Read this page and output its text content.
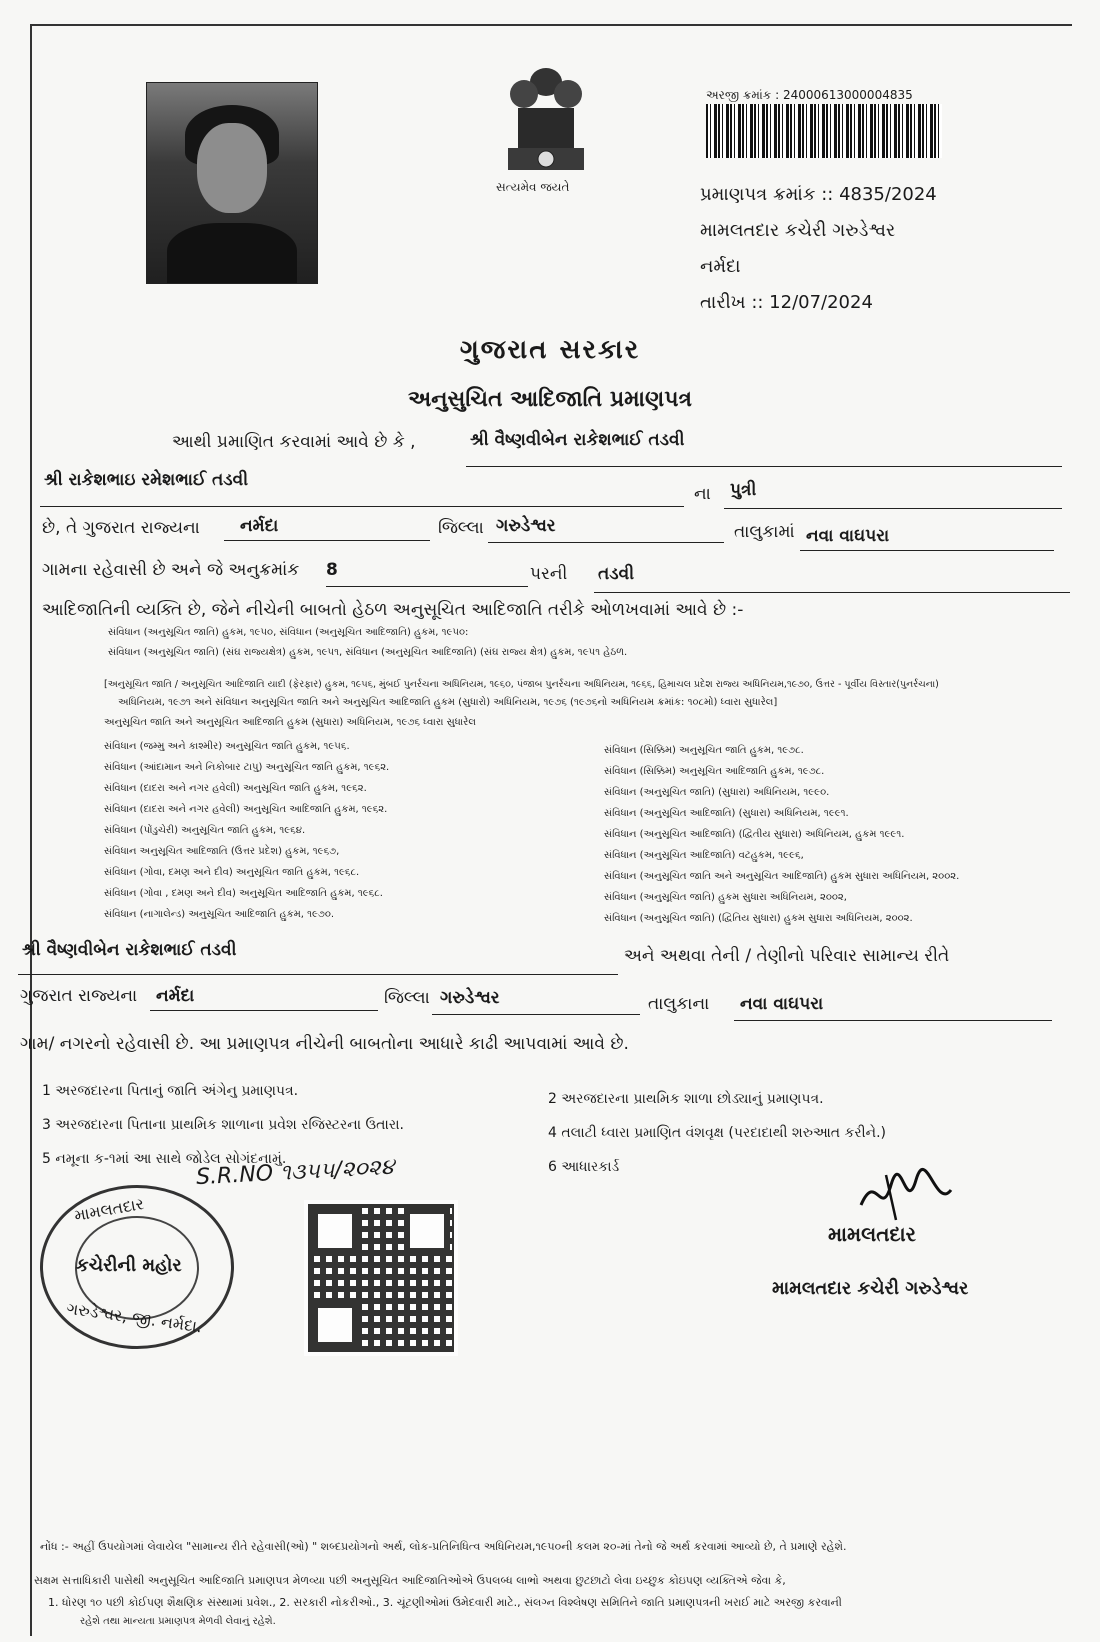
સત્યમેવ જયતે
અરજી ક્રમાંક : 24000613000004835
પ્રમાણપત્ર ક્રમાંક :: 4835/2024
મામલતદાર કચેરી ગરુડેશ્વર
નર્મદા
તારીખ :: 12/07/2024
ગુજરાત સરકાર
અનુસુચિત આદિજાતિ પ્રમાણપત્ર
આથી પ્રમાણિત કરવામાં આવે છે કે ,	શ્રી વૈષ્ણવીબેન રાકેશભાઈ તડવી
શ્રી રાકેશભાઇ રમેશભાઈ તડવી
ના પુત્રી
છે, તે ગુજરાત રાજ્યના નર્મદા	જિલ્લા ગરુડેશ્વર	તાલુકામાં નવા વાઘપરા
ગામના રહેવાસી છે અને જે અનુક્રમાંક 8	પરની તડવી
આદિજાતિની વ્યક્તિ છે, જેને નીચેની બાબતો હેઠળ અનુસૂચિત આદિજાતિ તરીકે ઓળખવામાં આવે છે :-
સંવિધાન (અનુસૂચિત જાતિ) હુકમ, ૧૯૫૦, સંવિધાન (અનુસૂચિત આદિજાતિ) હુકમ, ૧૯૫૦:
સંવિધાન (અનુસૂચિત જાતિ) (સંઘ રાજ્યક્ષેત્ર) હુકમ, ૧૯૫૧, સંવિધાન (અનુસૂચિત આદિજાતિ) (સંઘ રાજ્ય ક્ષેત્ર) હુકમ, ૧૯૫૧ હેઠળ.
[અનુસૂચિત જાતિ / અનુસૂચિત આદિજાતિ યાદી (ફેરફાર) હુકમ, ૧૯૫૬, મુંબઈ પુનર્રચના અધિનિયમ, ૧૯૬૦, પંજાબ પુનર્રચના અધિનિયમ, ૧૯૬૬, હિમાચલ પ્રદેશ રાજ્ય અધિનિયમ,૧૯૭૦, ઉત્તર - પૂર્વીય વિસ્તાર(પુનર્રચના)
અધિનિયમ, ૧૯૭૧ અને સંવિધાન અનુસૂચિત જાતિ અને અનુસૂચિત આદિજાતિ હુકમ (સુધારો) અધિનિયમ, ૧૯૭૬ (૧૯૭૬નો અધિનિયમ ક્રમાંક: ૧૦૮મો) ધ્વારા સુધારેલ]
અનુસૂચિત જાતિ અને અનુસૂચિત આદિજાતિ હુકમ (સુધારા) અધિનિયમ, ૧૯૭૬ ધ્વારા સુધારેલ
સંવિધાન (જમ્મુ અને કાશ્મીર) અનુસૂચિત જાતિ હુકમ, ૧૯૫૬.
સંવિધાન (આંદામાન અને નિકોબાર ટાપુ) અનુસૂચિત જાતિ હુકમ, ૧૯૬૨.
સંવિધાન (દાદરા અને નગર હવેલી) અનુસૂચિત જાતિ હુકમ, ૧૯૬૨.
સંવિધાન (દાદરા અને નગર હવેલી) અનુસૂચિત આદિજાતિ હુકમ, ૧૯૬૨.
સંવિધાન (પોંડુચેરી) અનુસૂચિત જાતિ હુકમ, ૧૯૬૪.
સંવિધાન અનુસૂચિત આદિજાતિ (ઉત્તર પ્રદેશ) હુકમ, ૧૯૬૭,
સંવિધાન (ગોવા, દમણ અને દીવ) અનુસૂચિત જાતિ હુકમ, ૧૯૬૮.
સંવિધાન (ગોવા , દમણ અને દીવ) અનુસૂચિત આદિજાતિ હુકમ, ૧૯૬૮.
સંવિધાન (નાગાલેન્ડ) અનુસૂચિત આદિજાતિ હુકમ, ૧૯૭૦.
સંવિધાન (સિક્કિમ) અનુસૂચિત જાતિ હુકમ, ૧૯૭૮.
સંવિધાન (સિક્કિમ) અનુસૂચિત આદિજાતિ હુકમ, ૧૯૭૮.
સંવિધાન (અનુસૂચિત જાતિ) (સુધારા) અધિનિયમ, ૧૯૯૦.
સંવિધાન (અનુસૂચિત આદિજાતિ) (સુધારા) અધિનિયમ, ૧૯૯૧.
સંવિધાન (અનુસૂચિત આદિજાતિ) (દ્વિતીય સુધારા) અધિનિયમ, હુકમ ૧૯૯૧.
સંવિધાન (અનુસૂચિત આદિજાતિ) વટહુકમ, ૧૯૯૬,
સંવિધાન (અનુસૂચિત જાતિ અને અનુસૂચિત આદિજાતિ) હુકમ સુધારા અધિનિયમ, ૨૦૦૨.
સંવિધાન (અનુસૂચિત જાતિ) હુકમ સુધારા અધિનિયમ, ૨૦૦૨,
સંવિધાન (અનુસૂચિત જાતિ) (દ્વિતિય સુધારા) હુકમ સુધારા અધિનિયમ, ૨૦૦૨.
શ્રી વૈષ્ણવીબેન રાકેશભાઈ તડવી	અને અથવા તેની / તેણીનો પરિવાર સામાન્ય રીતે
ગુજરાત રાજ્યના નર્મદા	જિલ્લા ગરુડેશ્વર	તાલુકાના નવા વાઘપરા
ગામ/ નગરનો રહેવાસી છે. આ પ્રમાણપત્ર નીચેની બાબતોના આધારે કાઢી આપવામાં આવે છે.
1 અરજદારના પિતાનું જાતિ અંગેનુ પ્રમાણપત્ર.
3 અરજદારના પિતાના પ્રાથમિક શાળાના પ્રવેશ રજિસ્ટરના ઉતારા.
5 નમૂના ક-૧માં આ સાથે જોડેલ સોગંદનામું.
2 અરજદારના પ્રાથમિક શાળા છોડ્યાનું પ્રમાણપત્ર.
4 તલાટી ધ્વારા પ્રમાણિત વંશવૃક્ષ (પરદાદાથી શરુઆત કરીને.)
6 આધારકાર્ડ
S.R.NO ૧૩૫૫/૨૦૨૪
મામલતદાર
કચેરીની મહોર
ગરુડેશ્વર, જી. નર્મદા.
મામલતદાર
મામલતદાર કચેરી ગરુડેશ્વર
નોંધ :- અહીં ઉપયોગમાં લેવાયેલ "સામાન્ય રીતે રહેવાસી(ઓ) " શબ્દપ્રયોગનો અર્થ, લોક-પ્રતિનિધિત્વ અધિનિયમ,૧૯૫૦ની કલમ ૨૦-માં તેનો જે અર્થ કરવામાં આવ્યો છે, તે પ્રમાણે રહેશે.
સક્ષમ સત્તાધિકારી પાસેથી અનુસૂચિત આદિજાતિ પ્રમાણપત્ર મેળવ્યા પછી અનુસૂચિત આદિજાતિઓએ ઉપલબ્ધ લાભો અથવા છુટછાટો લેવા ઇચ્છુક કોઇપણ વ્યક્તિએ જેવા કે,
1. ધોરણ ૧૦ પછી કોઈપણ શૈક્ષણિક સંસ્થામાં પ્રવેશ., 2. સરકારી નોકરીઓ., 3. ચૂંટણીઓમાં ઉમેદવારી માટે., સંલગ્ન વિશ્લેષણ સમિતિને જાતિ પ્રમાણપત્રની ખરાઈ માટે અરજી કરવાની
રહેશે તથા માન્યતા પ્રમાણપત્ર મેળવી લેવાનું રહેશે.
